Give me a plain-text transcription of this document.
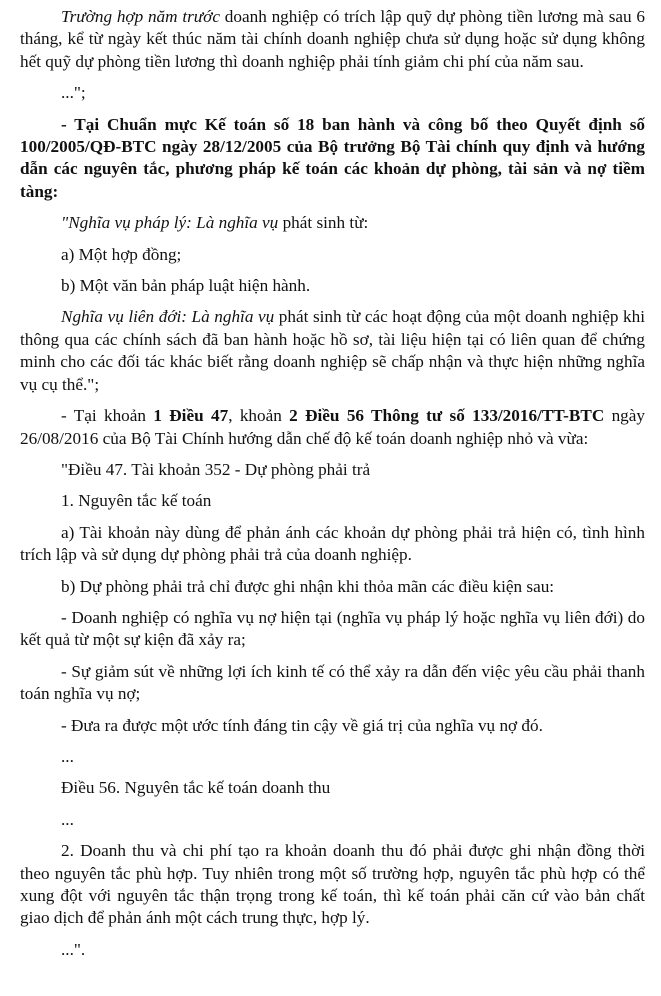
Trường hợp năm trước doanh nghiệp có trích lập quỹ dự phòng tiền lương mà sau 6 tháng, kể từ ngày kết thúc năm tài chính doanh nghiệp chưa sử dụng hoặc sử dụng không hết quỹ dự phòng tiền lương thì doanh nghiệp phải tính giảm chi phí của năm sau.

...";

- Tại Chuẩn mực Kế toán số 18 ban hành và công bố theo Quyết định số 100/2005/QĐ-BTC ngày 28/12/2005 của Bộ trưởng Bộ Tài chính quy định và hướng dẫn các nguyên tắc, phương pháp kế toán các khoản dự phòng, tài sản và nợ tiềm tàng:

"Nghĩa vụ pháp lý: Là nghĩa vụ phát sinh từ:

a) Một hợp đồng;

b) Một văn bản pháp luật hiện hành.

Nghĩa vụ liên đới: Là nghĩa vụ phát sinh từ các hoạt động của một doanh nghiệp khi thông qua các chính sách đã ban hành hoặc hồ sơ, tài liệu hiện tại có liên quan để chứng minh cho các đối tác khác biết rằng doanh nghiệp sẽ chấp nhận và thực hiện những nghĩa vụ cụ thể.";

- Tại khoản 1 Điều 47, khoản 2 Điều 56 Thông tư số 133/2016/TT-BTC ngày 26/08/2016 của Bộ Tài Chính hướng dẫn chế độ kế toán doanh nghiệp nhỏ và vừa:

"Điều 47. Tài khoản 352 - Dự phòng phải trả

1. Nguyên tắc kế toán

a) Tài khoản này dùng để phản ánh các khoản dự phòng phải trả hiện có, tình hình trích lập và sử dụng dự phòng phải trả của doanh nghiệp.

b) Dự phòng phải trả chỉ được ghi nhận khi thỏa mãn các điều kiện sau:

- Doanh nghiệp có nghĩa vụ nợ hiện tại (nghĩa vụ pháp lý hoặc nghĩa vụ liên đới) do kết quả từ một sự kiện đã xảy ra;

- Sự giảm sút về những lợi ích kinh tế có thể xảy ra dẫn đến việc yêu cầu phải thanh toán nghĩa vụ nợ;

- Đưa ra được một ước tính đáng tin cậy về giá trị của nghĩa vụ nợ đó.

...

Điều 56. Nguyên tắc kế toán doanh thu

...

2. Doanh thu và chi phí tạo ra khoản doanh thu đó phải được ghi nhận đồng thời theo nguyên tắc phù hợp. Tuy nhiên trong một số trường hợp, nguyên tắc phù hợp có thể xung đột với nguyên tắc thận trọng trong kế toán, thì kế toán phải căn cứ vào bản chất giao dịch để phản ánh một cách trung thực, hợp lý.

...".
